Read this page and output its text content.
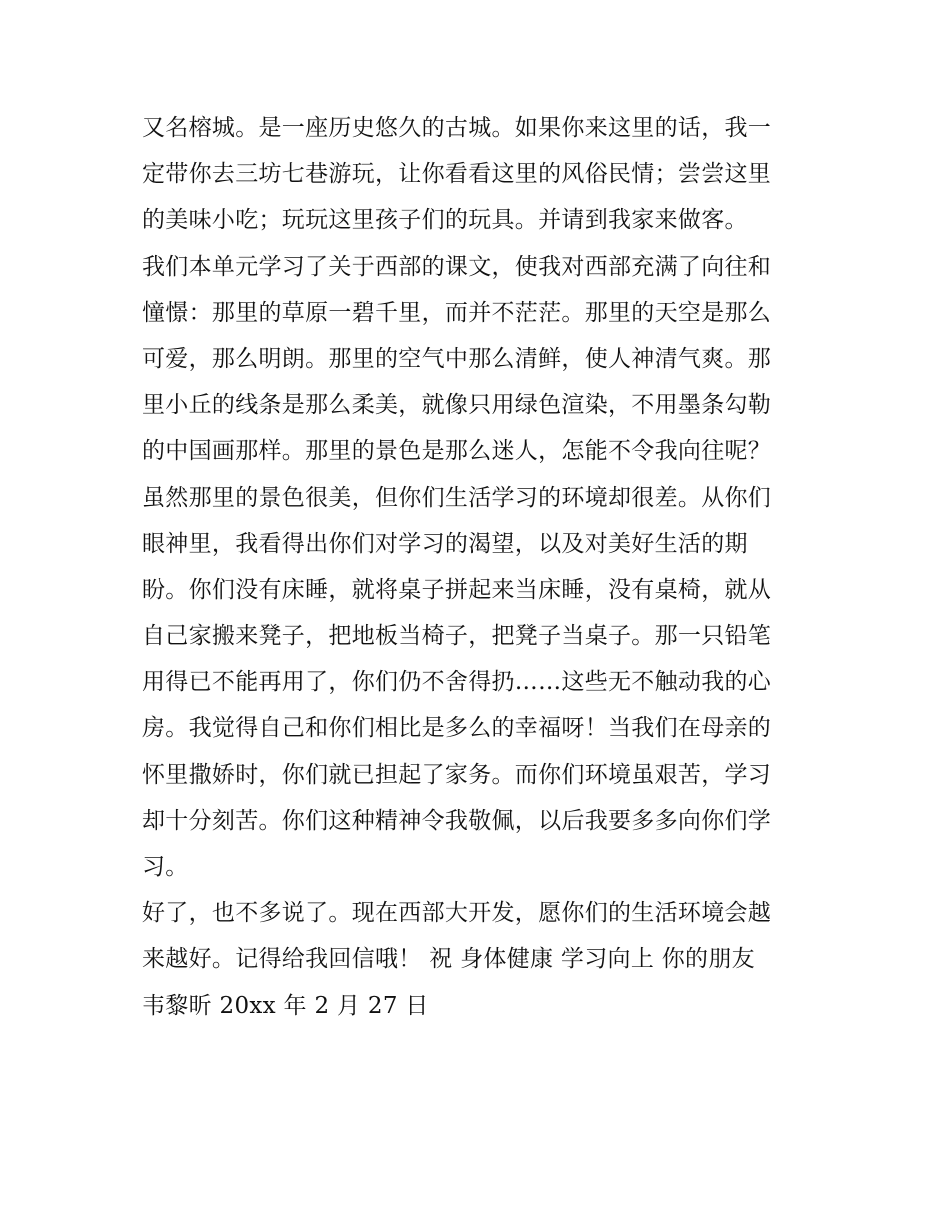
又名榕城。是一座历史悠久的古城。如果你来这里的话，我一
定带你去三坊七巷游玩，让你看看这里的风俗民情；尝尝这里
的美味小吃；玩玩这里孩子们的玩具。并请到我家来做客。
我们本单元学习了关于西部的课文，使我对西部充满了向往和
憧憬：那里的草原一碧千里，而并不茫茫。那里的天空是那么
可爱，那么明朗。那里的空气中那么清鲜，使人神清气爽。那
里小丘的线条是那么柔美，就像只用绿色渲染，不用墨条勾勒
的中国画那样。那里的景色是那么迷人，怎能不令我向往呢？
虽然那里的景色很美，但你们生活学习的环境却很差。从你们
眼神里，我看得出你们对学习的渴望，以及对美好生活的期
盼。你们没有床睡，就将桌子拼起来当床睡，没有桌椅，就从
自己家搬来凳子，把地板当椅子，把凳子当桌子。那一只铅笔
用得已不能再用了，你们仍不舍得扔……这些无不触动我的心
房。我觉得自己和你们相比是多么的幸福呀！当我们在母亲的
怀里撒娇时，你们就已担起了家务。而你们环境虽艰苦，学习
却十分刻苦。你们这种精神令我敬佩，以后我要多多向你们学
习。
好了，也不多说了。现在西部大开发，愿你们的生活环境会越
来越好。记得给我回信哦！ 祝 身体健康 学习向上 你的朋友
韦黎昕 20xx 年 2 月 27 日
